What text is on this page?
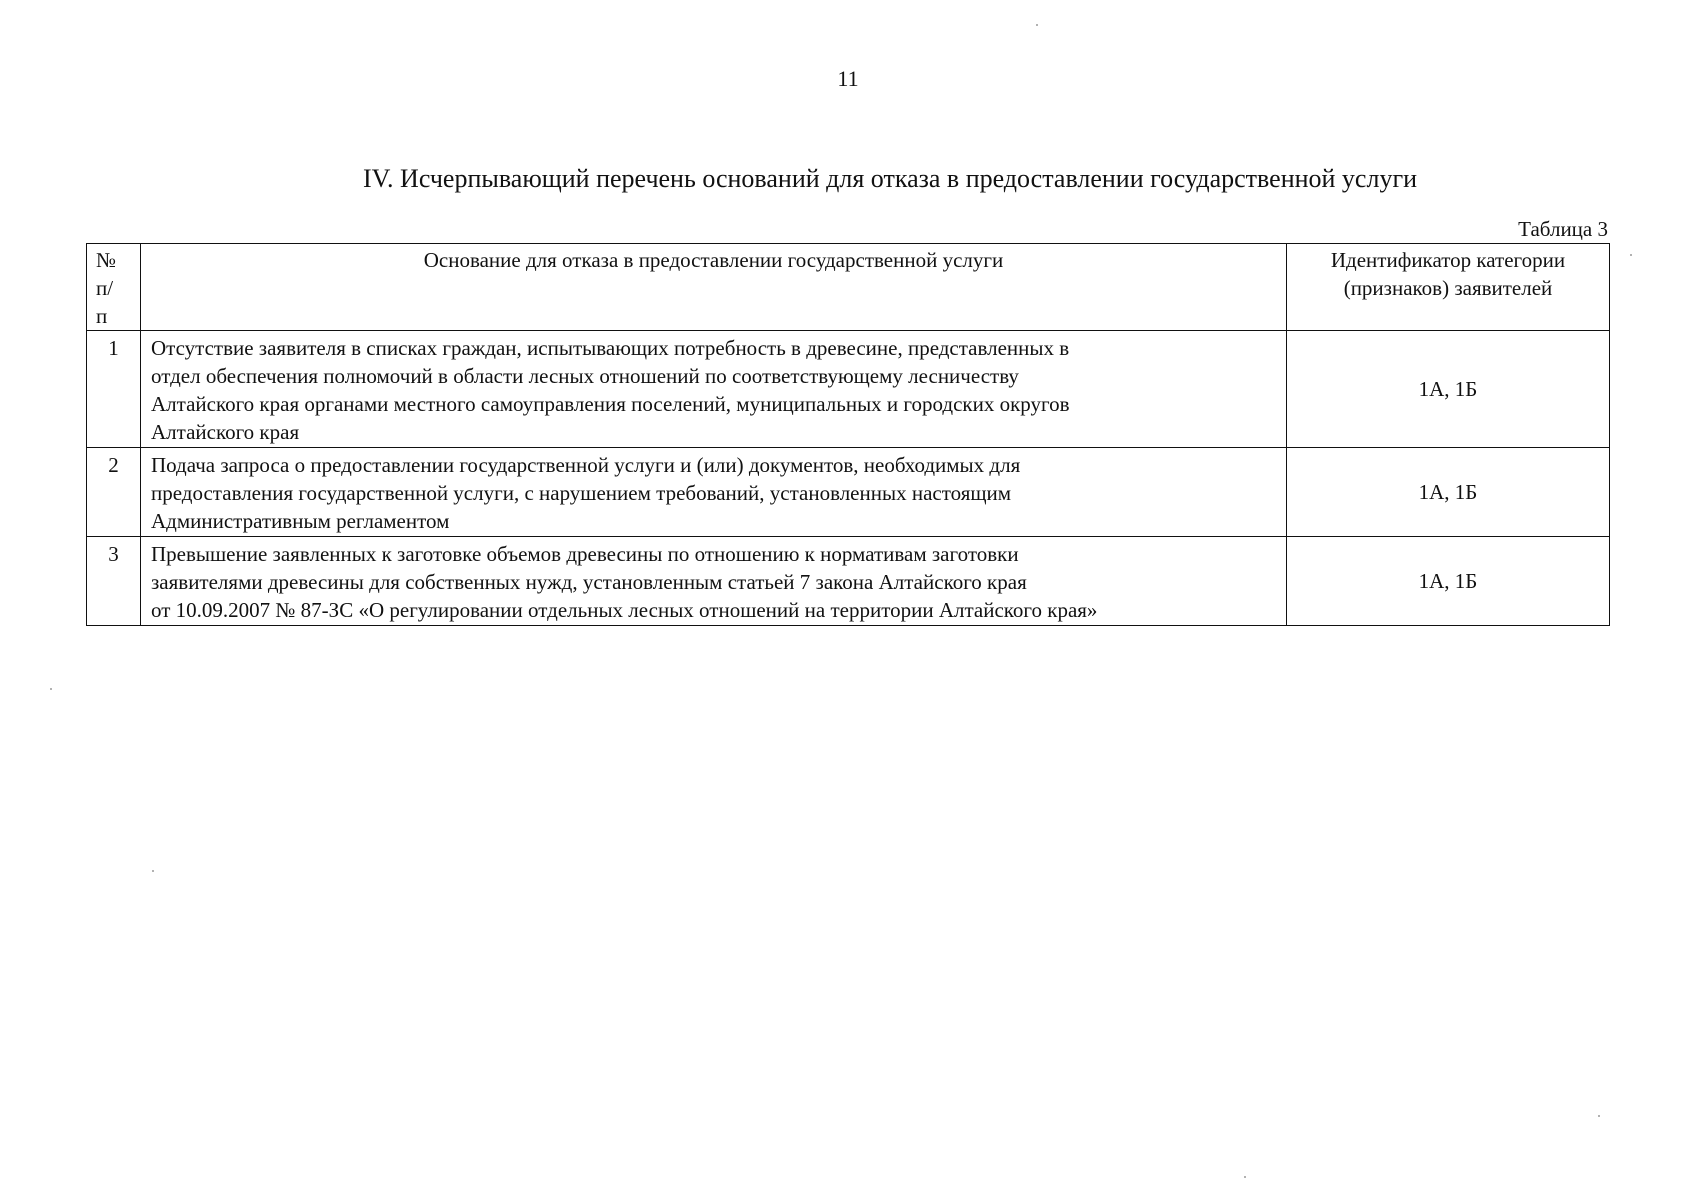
11
IV. Исчерпывающий перечень оснований для отказа в предоставлении государственной услуги
Таблица 3
№
п/
п	Основание для отказа в предоставлении государственной услуги	Идентификатор категории
(признаков) заявителей

1	Отсутствие заявителя в списках граждан, испытывающих потребность в древесине, представленных в
отдел обеспечения полномочий в области лесных отношений по соответствующему лесничеству
Алтайского края органами местного самоуправления поселений, муниципальных и городских округов
Алтайского края	1А, 1Б
2	Подача запроса о предоставлении государственной услуги и (или) документов, необходимых для
предоставления государственной услуги, с нарушением требований, установленных настоящим
Административным регламентом	1А, 1Б
3	Превышение заявленных к заготовке объемов древесины по отношению к нормативам заготовки
заявителями древесины для собственных нужд, установленным статьей 7 закона Алтайского края
от 10.09.2007 № 87-ЗС «О регулировании отдельных лесных отношений на территории Алтайского края»	1А, 1Б
